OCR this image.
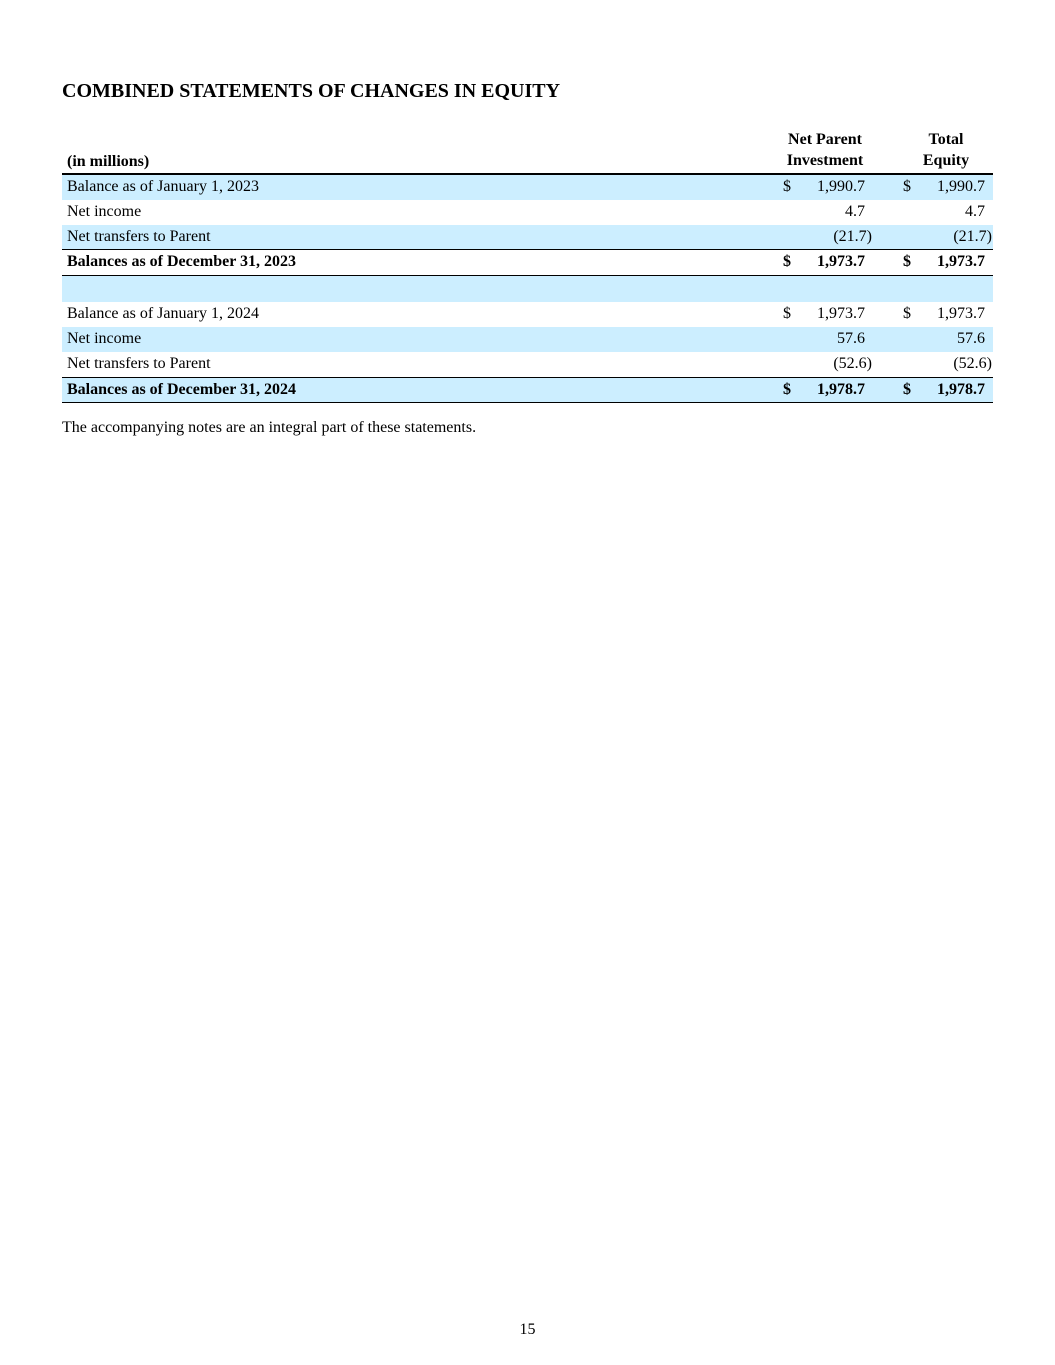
COMBINED STATEMENTS OF CHANGES IN EQUITY
(in millions)
Net Parent
Investment
Total
Equity
Balance as of January 1, 2023	$ 1,990.7 $ 1,990.7
Net income	4.7	4.7
Net transfers to Parent	(21.7)	(21.7)
Balances as of December 31, 2023	$ 1,973.7 $ 1,973.7
Balance as of January 1, 2024	$ 1,973.7 $ 1,973.7
Net income	57.6	57.6
Net transfers to Parent	(52.6)	(52.6)
Balances as of December 31, 2024	$ 1,978.7 $ 1,978.7
The accompanying notes are an integral part of these statements.
15
